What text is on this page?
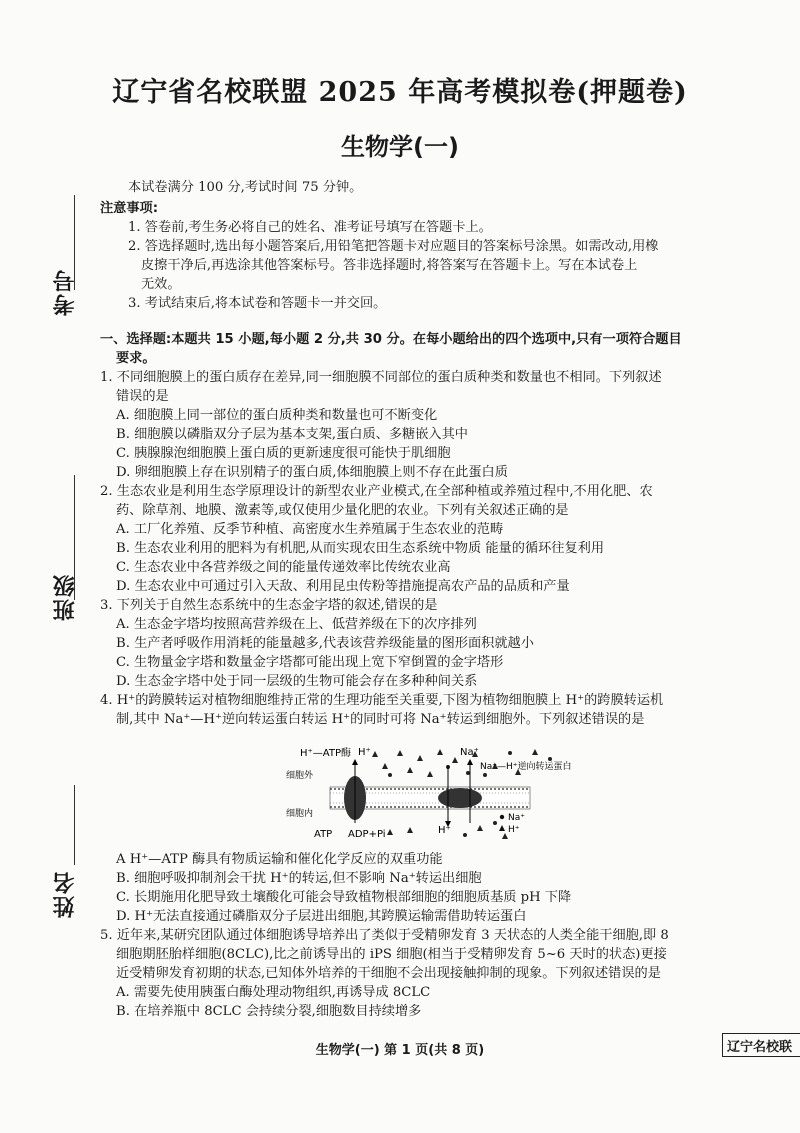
考号
班级
姓名
辽宁省名校联盟 2025 年高考模拟卷(押题卷)
生物学(一)

本试卷满分 100 分,考试时间 75 分钟。

注意事项:

1. 答卷前,考生务必将自己的姓名、准考证号填写在答题卡上。

2. 答选择题时,选出每小题答案后,用铅笔把答题卡对应题目的答案标号涂黑。如需改动,用橡

皮擦干净后,再选涂其他答案标号。答非选择题时,将答案写在答题卡上。写在本试卷上

无效。

3. 考试结束后,将本试卷和答题卡一并交回。

一、选择题:本题共 15 小题,每小题 2 分,共 30 分。在每小题给出的四个选项中,只有一项符合题目

要求。

1. 不同细胞膜上的蛋白质存在差异,同一细胞膜不同部位的蛋白质种类和数量也不相同。下列叙述

错误的是

A. 细胞膜上同一部位的蛋白质种类和数量也可不断变化

B. 细胞膜以磷脂双分子层为基本支架,蛋白质、多糖嵌入其中

C. 胰腺腺泡细胞膜上蛋白质的更新速度很可能快于肌细胞

D. 卵细胞膜上存在识别精子的蛋白质,体细胞膜上则不存在此蛋白质

2. 生态农业是利用生态学原理设计的新型农业产业模式,在全部种植或养殖过程中,不用化肥、农

药、除草剂、地膜、激素等,或仅使用少量化肥的农业。下列有关叙述正确的是

A. 工厂化养殖、反季节种植、高密度水生养殖属于生态农业的范畴

B. 生态农业利用的肥料为有机肥,从而实现农田生态系统中物质 能量的循环往复利用

C. 生态农业中各营养级之间的能量传递效率比传统农业高

D. 生态农业中可通过引入天敌、利用昆虫传粉等措施提高农产品的品质和产量

3. 下列关于自然生态系统中的生态金字塔的叙述,错误的是

A. 生态金字塔均按照高营养级在上、低营养级在下的次序排列

B. 生产者呼吸作用消耗的能量越多,代表该营养级能量的图形面积就越小

C. 生物量金字塔和数量金字塔都可能出现上宽下窄倒置的金字塔形

D. 生态金字塔中处于同一层级的生物可能会存在多种种间关系

4. H⁺的跨膜转运对植物细胞维持正常的生理功能至关重要,下图为植物细胞膜上 H⁺的跨膜转运机

制,其中 Na⁺—H⁺逆向转运蛋白转运 H⁺的同时可将 Na⁺转运到细胞外。下列叙述错误的是

H⁺—ATP酶 H⁺	Na⁺
Na⁺—H⁺逆向转运蛋白
细胞外
细胞内
ATP ADP+Pi	H⁺
Na⁺
H⁺

A H⁺—ATP 酶具有物质运输和催化化学反应的双重功能

B. 细胞呼吸抑制剂会干扰 H⁺的转运,但不影响 Na⁺转运出细胞

C. 长期施用化肥导致土壤酸化可能会导致植物根部细胞的细胞质基质 pH 下降

D. H⁺无法直接通过磷脂双分子层进出细胞,其跨膜运输需借助转运蛋白

5. 近年来,某研究团队通过体细胞诱导培养出了类似于受精卵发育 3 天状态的人类全能干细胞,即 8

细胞期胚胎样细胞(8CLC),比之前诱导出的 iPS 细胞(相当于受精卵发育 5~6 天时的状态)更接

近受精卵发育初期的状态,已知体外培养的干细胞不会出现接触抑制的现象。下列叙述错误的是

A. 需要先使用胰蛋白酶处理动物组织,再诱导成 8CLC

B. 在培养瓶中 8CLC 会持续分裂,细胞数目持续增多

生物学(一) 第 1 页(共 8 页)	辽宁名校联
